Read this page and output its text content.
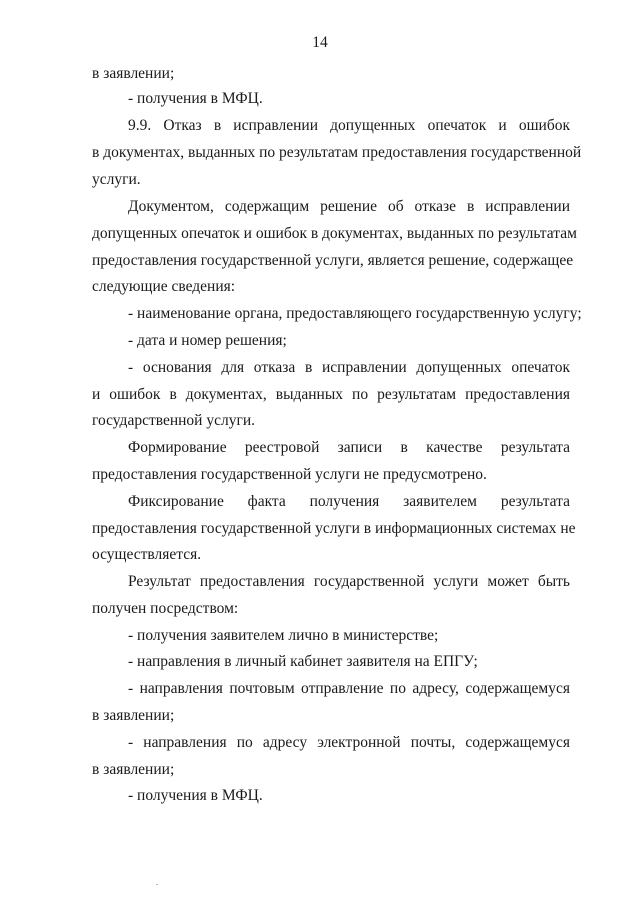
14
в заявлении;
- получения в МФЦ.
9.9. Отказ в исправлении допущенных опечаток и ошибок
в документах, выданных по результатам предоставления государственной
услуги.
Документом, содержащим решение об отказе в исправлении
допущенных опечаток и ошибок в документах, выданных по результатам
предоставления государственной услуги, является решение, содержащее
следующие сведения:
- наименование органа, предоставляющего государственную услугу;
- дата и номер решения;
- основания для отказа в исправлении допущенных опечаток
и ошибок в документах, выданных по результатам предоставления
государственной услуги.
Формирование реестровой записи в качестве результата
предоставления государственной услуги не предусмотрено.
Фиксирование факта получения заявителем результата
предоставления государственной услуги в информационных системах не
осуществляется.
Результат предоставления государственной услуги может быть
получен посредством:
- получения заявителем лично в министерстве;
- направления в личный кабинет заявителя на ЕПГУ;
- направления почтовым отправление по адресу, содержащемуся
в заявлении;
- направления по адресу электронной почты, содержащемуся
в заявлении;
- получения в МФЦ.
